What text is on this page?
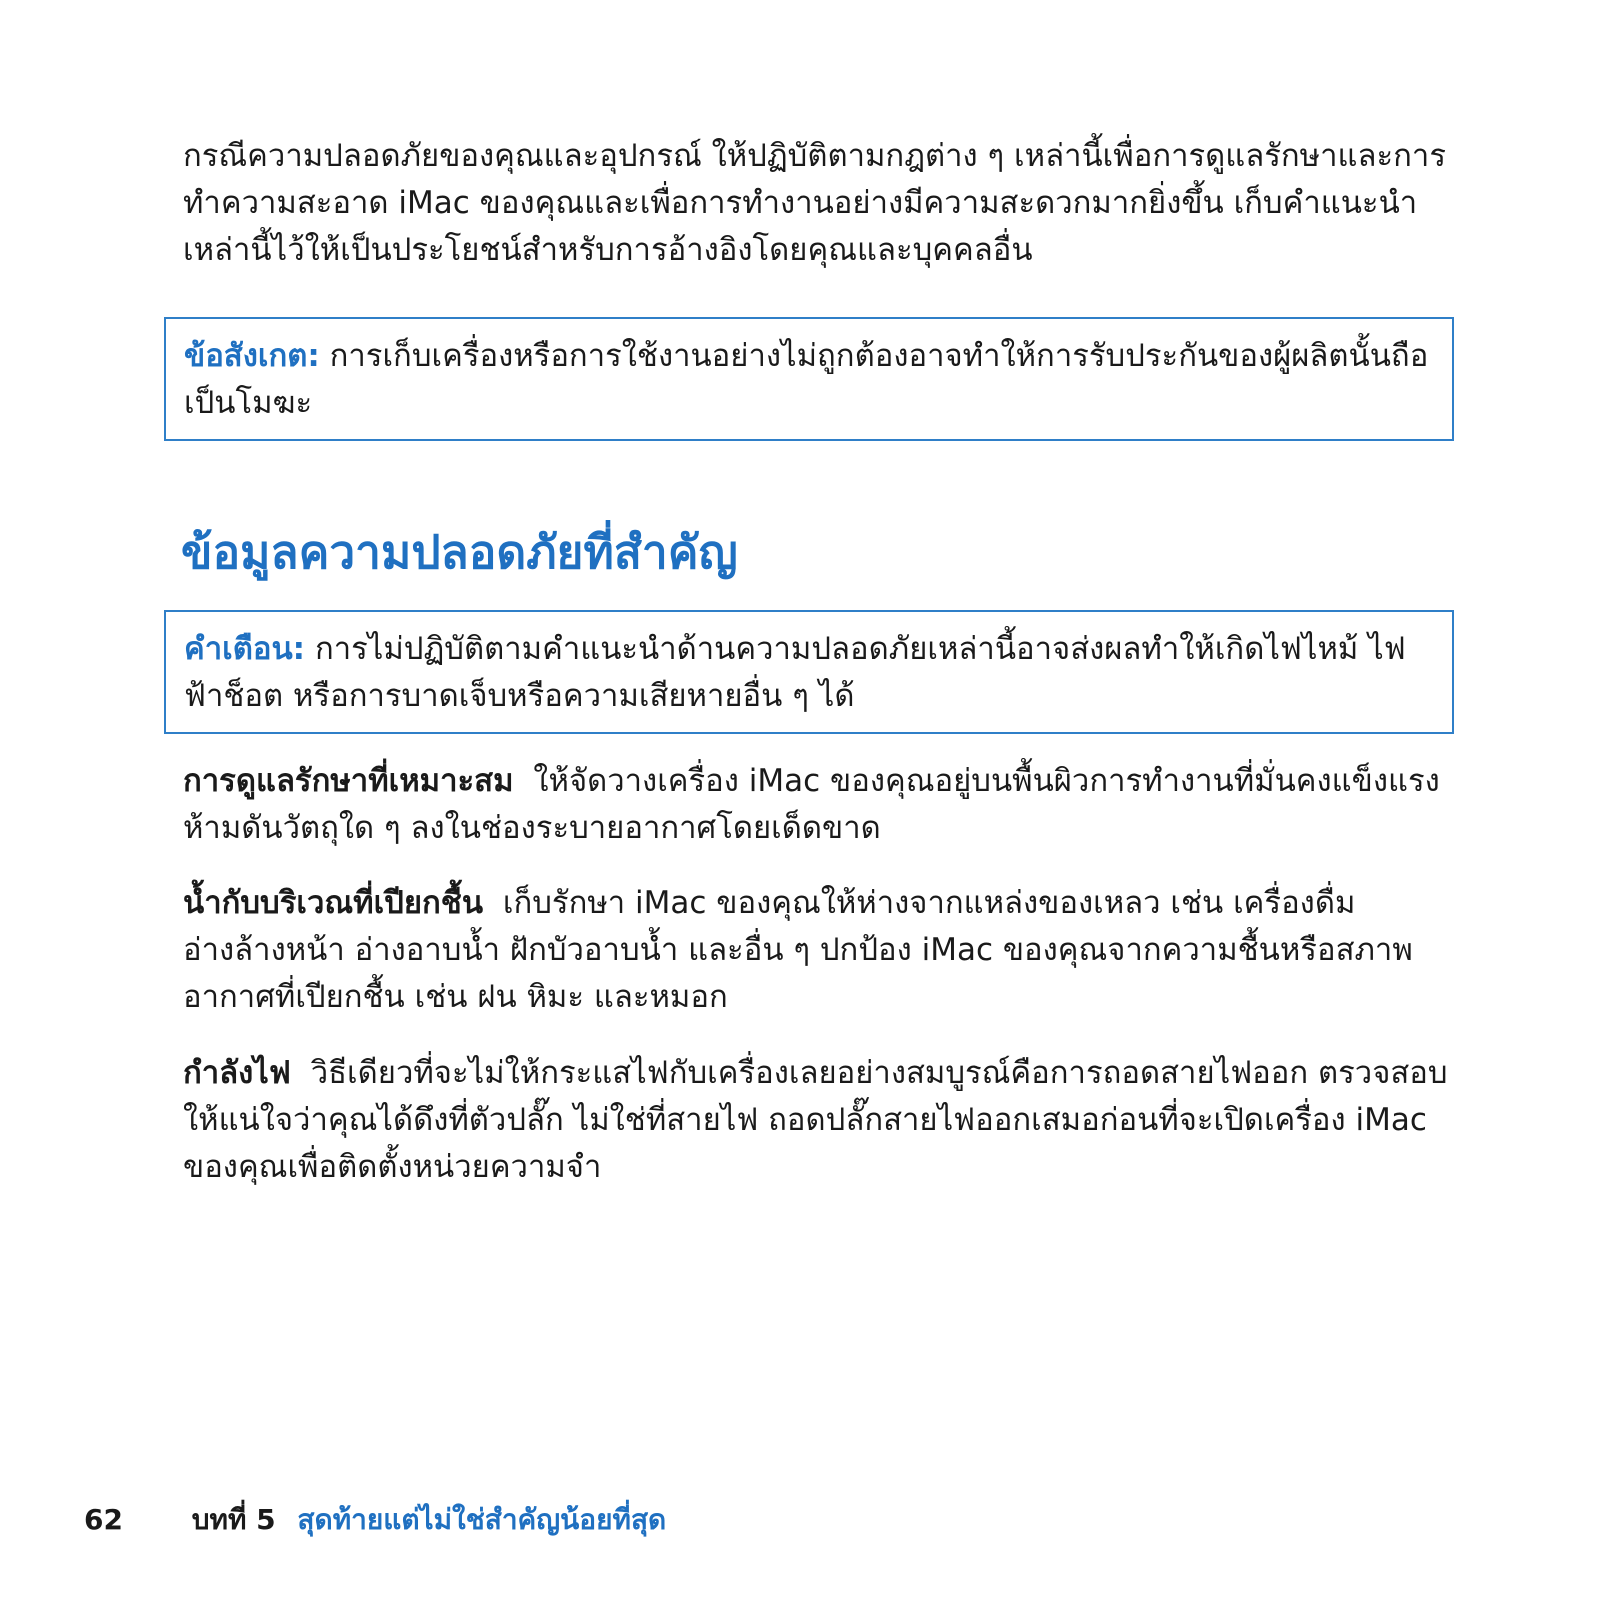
กรณีความปลอดภัยของคุณและอุปกรณ์ ให้ปฏิบัติตามกฎต่าง ๆ เหล่านี้เพื่อการดูแลรักษาและการทำความสะอาด iMac ของคุณและเพื่อการทำงานอย่างมีความสะดวกมากยิ่งขึ้น เก็บคำแนะนำเหล่านี้ไว้ให้เป็นประโยชน์สำหรับการอ้างอิงโดยคุณและบุคคลอื่น

ข้อสังเกต: การเก็บเครื่องหรือการใช้งานอย่างไม่ถูกต้องอาจทำให้การรับประกันของผู้ผลิตนั้นถือเป็นโมฆะ
ข้อมูลความปลอดภัยที่สำคัญ
คำเตือน: การไม่ปฏิบัติตามคำแนะนำด้านความปลอดภัยเหล่านี้อาจส่งผลทำให้เกิดไฟไหม้ ไฟฟ้าช็อต หรือการบาดเจ็บหรือความเสียหายอื่น ๆ ได้

การดูแลรักษาที่เหมาะสม ให้จัดวางเครื่อง iMac ของคุณอยู่บนพื้นผิวการทำงานที่มั่นคงแข็งแรง ห้ามดันวัตถุใด ๆ ลงในช่องระบายอากาศโดยเด็ดขาด

น้ำกับบริเวณที่เปียกชื้น เก็บรักษา iMac ของคุณให้ห่างจากแหล่งของเหลว เช่น เครื่องดื่ม อ่างล้างหน้า อ่างอาบน้ำ ฝักบัวอาบน้ำ และอื่น ๆ ปกป้อง iMac ของคุณจากความชื้นหรือสภาพอากาศที่เปียกชื้น เช่น ฝน หิมะ และหมอก

กำลังไฟ วิธีเดียวที่จะไม่ให้กระแสไฟกับเครื่องเลยอย่างสมบูรณ์คือการถอดสายไฟออก ตรวจสอบให้แน่ใจว่าคุณได้ดึงที่ตัวปลั๊ก ไม่ใช่ที่สายไฟ ถอดปลั๊กสายไฟออกเสมอก่อนที่จะเปิดเครื่อง iMac ของคุณเพื่อติดตั้งหน่วยความจำ

62 บทที่ 5 สุดท้ายแต่ไม่ใช่สำคัญน้อยที่สุด
